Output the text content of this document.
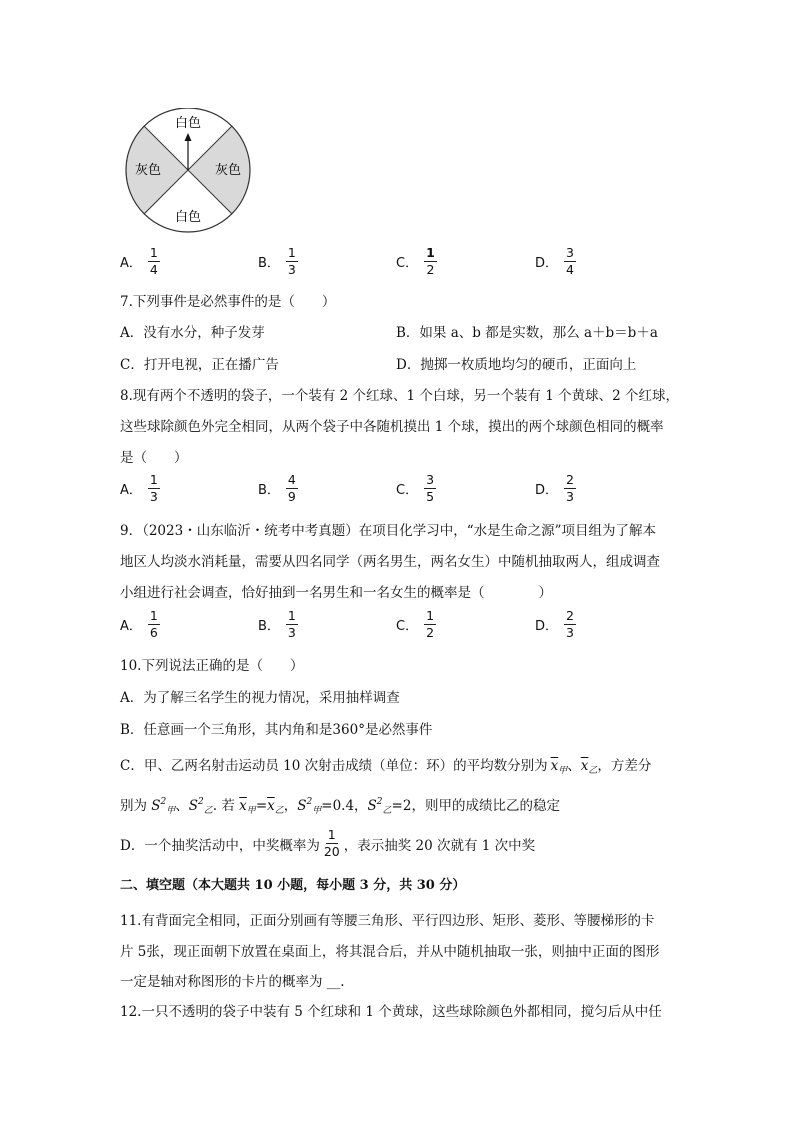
白色
白色
灰色	灰色
A． $\frac{1}{4}$	B． $\frac{1}{3}$	C． $\frac{1}{2}$	D． $\frac{3}{4}$
7.下列事件是必然事件的是（　　）
A．没有水分，种子发芽	B．如果 a、b 都是实数，那么 a＋b＝b＋a
C．打开电视，正在播广告	D．抛掷一枚质地均匀的硬币，正面向上
8.现有两个不透明的袋子，一个装有 2 个红球、1 个白球，另一个装有 1 个黄球、2 个红球，
这些球除颜色外完全相同，从两个袋子中各随机摸出 1 个球，摸出的两个球颜色相同的概率
是（　　）
A． $\frac{1}{3}$	B． $\frac{4}{9}$	C． $\frac{3}{5}$	D． $\frac{2}{3}$
9．（2023・山东临沂・统考中考真题）在项目化学习中，“水是生命之源”项目组为了解本
地区人均淡水消耗量，需要从四名同学（两名男生，两名女生）中随机抽取两人，组成调查
小组进行社会调查，恰好抽到一名男生和一名女生的概率是（　　　　）
A． $\frac{1}{6}$	B． $\frac{1}{3}$	C． $\frac{1}{2}$	D． $\frac{2}{3}$
10.下列说法正确的是（　　）
A．为了解三名学生的视力情况，采用抽样调查
B．任意画一个三角形，其内角和是360°是必然事件
C．甲、乙两名射击运动员 10 次射击成绩（单位：环）的平均数分别为 $\overline{x}_甲$、$\overline{x}_乙$，方差分
别为 $S^2_甲$、$S^2_乙$. 若 $\overline{x}_甲=\overline{x}_乙$，$S^2_甲=0.4$，$S^2_乙=2$，则甲的成绩比乙的稳定
D．一个抽奖活动中，中奖概率为 $\frac{1}{20}$ ，表示抽奖 20 次就有 1 次中奖
二、填空题（本大题共 10 小题，每小题 3 分，共 30 分）
11.有背面完全相同，正面分别画有等腰三角形、平行四边形、矩形、菱形、等腰梯形的卡
片 5张，现正面朝下放置在桌面上，将其混合后，并从中随机抽取一张，则抽中正面的图形
一定是轴对称图形的卡片的概率为 __.
12.一只不透明的袋子中装有 5 个红球和 1 个黄球，这些球除颜色外都相同，搅匀后从中任
